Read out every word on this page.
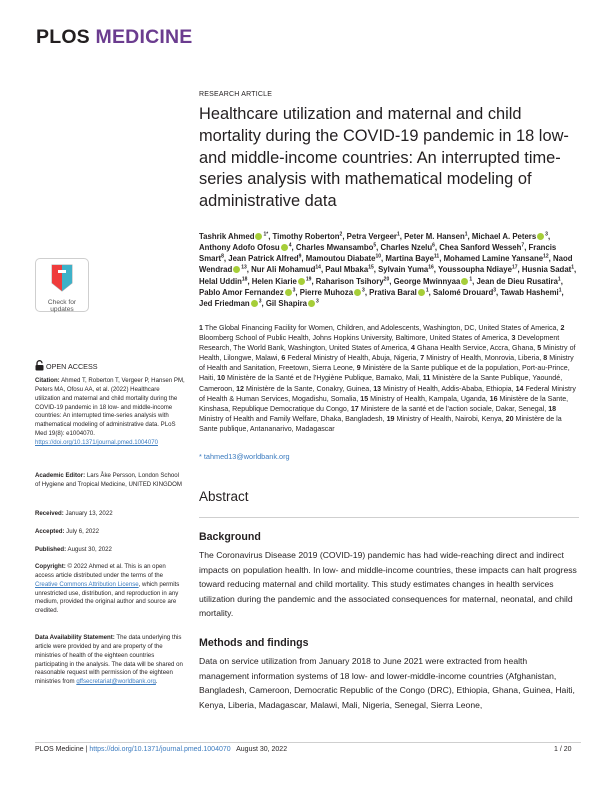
PLOS MEDICINE
RESEARCH ARTICLE
Healthcare utilization and maternal and child mortality during the COVID-19 pandemic in 18 low- and middle-income countries: An interrupted time-series analysis with mathematical modeling of administrative data
Tashrik Ahmed $^{1*}$, Timothy Roberton$^2$, Petra Vergeer$^1$, Peter M. Hansen$^1$, Michael A. Peters $^3$, Anthony Adofo Ofosu $^4$, Charles Mwansambo$^5$, Charles Nzelu$^6$, Chea Sanford Wesseh$^7$, Francis Smart$^8$, Jean Patrick Alfred$^9$, Mamoutou Diabate$^{10}$, Martina Baye$^{11}$, Mohamed Lamine Yansane$^{12}$, Naod Wendrad $^{13}$, Nur Ali Mohamud$^{14}$, Paul Mbaka$^{15}$, Sylvain Yuma$^{16}$, Youssoupha Ndiaye$^{17}$, Husnia Sadat$^1$, Helal Uddin$^{18}$, Helen Kiarie $^{19}$, Raharison Tsihory$^{20}$, George Mwinnyaa $^1$, Jean de Dieu Rusatira$^1$, Pablo Amor Fernandez $^3$, Pierre Muhoza $^3$, Prativa Baral $^1$, Salomé Drouard$^3$, Tawab Hashemi$^1$, Jed Friedman $^3$, Gil Shapira $^3$
1 The Global Financing Facility for Women, Children, and Adolescents, Washington, DC, United States of America, 2 Bloomberg School of Public Health, Johns Hopkins University, Baltimore, United States of America, 3 Development Research, The World Bank, Washington, United States of America, 4 Ghana Health Service, Accra, Ghana, 5 Ministry of Health, Lilongwe, Malawi, 6 Federal Ministry of Health, Abuja, Nigeria, 7 Ministry of Health, Monrovia, Liberia, 8 Ministry of Health and Sanitation, Freetown, Sierra Leone, 9 Ministère de la Sante publique et de la population, Port-au-Prince, Haiti, 10 Ministère de la Santé et de l'Hygiène Publique, Bamako, Mali, 11 Ministère de la Sante Publique, Yaoundé, Cameroon, 12 Ministère de la Sante, Conakry, Guinea, 13 Ministry of Health, Addis-Ababa, Ethiopia, 14 Federal Ministry of Health & Human Services, Mogadishu, Somalia, 15 Ministry of Health, Kampala, Uganda, 16 Ministère de la Sante, Kinshasa, Republique Democratique du Congo, 17 Ministere de la santé et de l'action sociale, Dakar, Senegal, 18 Ministry of Health and Family Welfare, Dhaka, Bangladesh, 19 Ministry of Health, Nairobi, Kenya, 20 Ministère de la Sante publique, Antananarivo, Madagascar
* tahmed13@worldbank.org
Check for
updates
OPEN ACCESS
Citation: Ahmed T, Roberton T, Vergeer P, Hansen PM, Peters MA, Ofosu AA, et al. (2022) Healthcare utilization and maternal and child mortality during the COVID-19 pandemic in 18 low- and middle-income countries: An interrupted time-series analysis with mathematical modeling of administrative data. PLoS Med 19(8): e1004070. https://doi.org/10.1371/journal.pmed.1004070
Academic Editor: Lars Åke Persson, London School of Hygiene and Tropical Medicine, UNITED KINGDOM
Received: January 13, 2022
Accepted: July 6, 2022
Published: August 30, 2022
Copyright: © 2022 Ahmed et al. This is an open access article distributed under the terms of the Creative Commons Attribution License, which permits unrestricted use, distribution, and reproduction in any medium, provided the original author and source are credited.
Data Availability Statement: The data underlying this article were provided by and are property of the ministries of health of the eighteen countries participating in the analysis. The data will be shared on reasonable request with permission of the eighteen ministries from gffsecretariat@worldbank.org.
Abstract
Background
The Coronavirus Disease 2019 (COVID-19) pandemic has had wide-reaching direct and indirect impacts on population health. In low- and middle-income countries, these impacts can halt progress toward reducing maternal and child mortality. This study estimates changes in health services utilization during the pandemic and the associated consequences for maternal, neonatal, and child mortality.
Methods and findings
Data on service utilization from January 2018 to June 2021 were extracted from health management information systems of 18 low- and lower-middle-income countries (Afghanistan, Bangladesh, Cameroon, Democratic Republic of the Congo (DRC), Ethiopia, Ghana, Guinea, Haiti, Kenya, Liberia, Madagascar, Malawi, Mali, Nigeria, Senegal, Sierra Leone,
PLOS Medicine | https://doi.org/10.1371/journal.pmed.1004070 August 30, 2022	1 / 20
